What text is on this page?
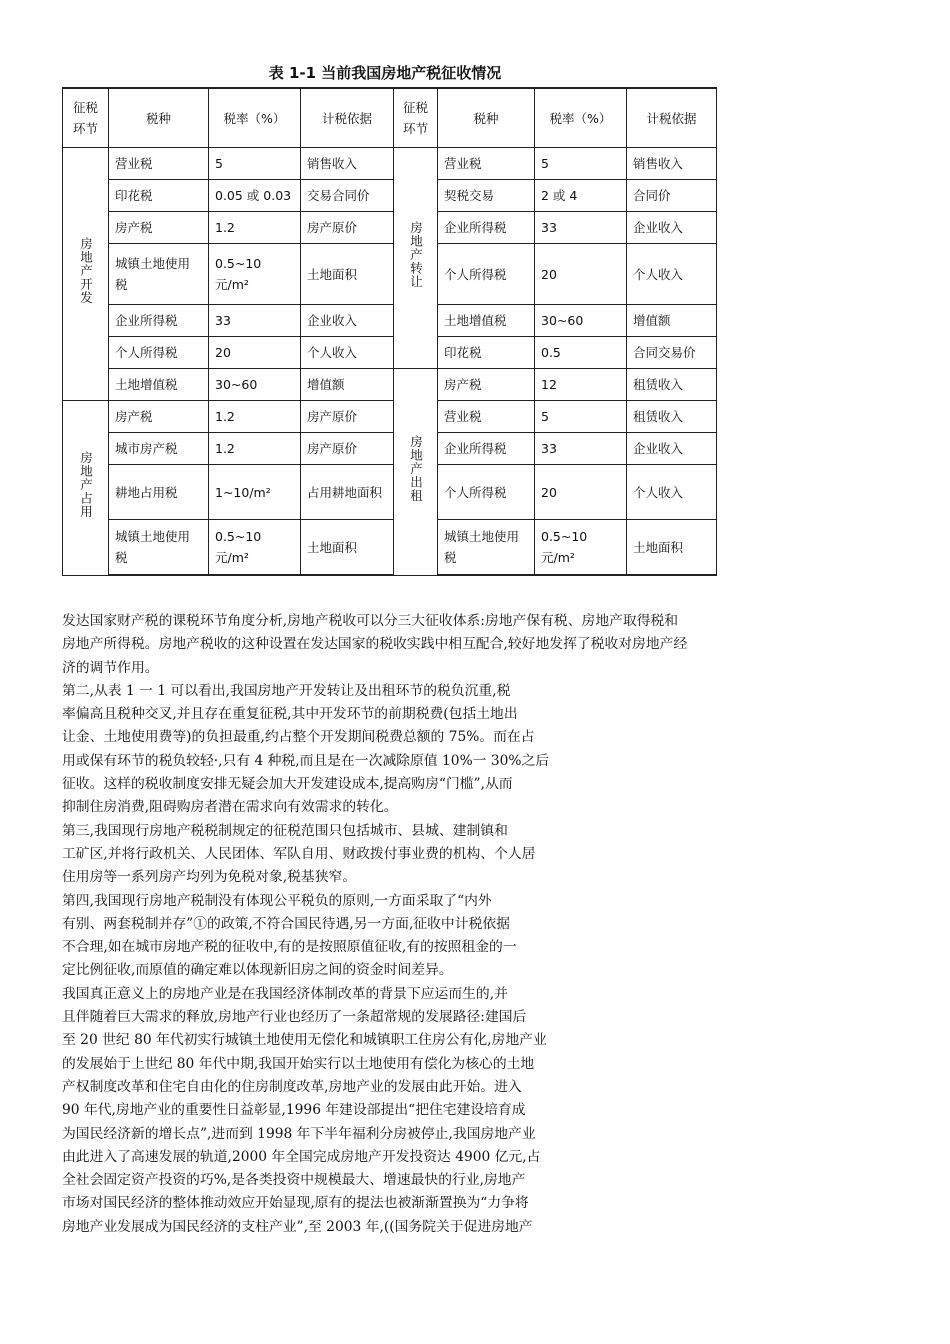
表 1-1 当前我国房地产税征收情况
征税环节	税种	税率（%）	计税依据	征税环节	税种	税率（%）	计税依据
房地产开发	营业税	5	销售收入	房地产转让	营业税	5	销售收入
	印花税	0.05 或 0.03	交易合同价		契税交易	2 或 4	合同价
	房产税	1.2	房产原价		企业所得税	33	企业收入
	城镇土地使用税	0.5~10 元/m²	土地面积		个人所得税	20	个人收入
	企业所得税	33	企业收入		土地增值税	30~60	增值额
	个人所得税	20	个人收入		印花税	0.5	合同交易价
	土地增值税	30~60	增值额	房地产出租	房产税	12	租赁收入
房地产占用	房产税	1.2	房产原价		营业税	5	租赁收入
	城市房产税	1.2	房产原价		企业所得税	33	企业收入
	耕地占用税	1~10/m²	占用耕地面积		个人所得税	20	个人收入
	城镇土地使用税	0.5~10 元/m²	土地面积		城镇土地使用税	0.5~10 元/m²	土地面积

发达国家财产税的课税环节角度分析,房地产税收可以分三大征收体系:房地产保有税、房地产取得税和

房地产所得税。房地产税收的这种设置在发达国家的税收实践中相互配合,较好地发挥了税收对房地产经

济的调节作用。

第二,从表 1 一 1 可以看出,我国房地产开发转让及出租环节的税负沉重,税

率偏高且税种交叉,并且存在重复征税,其中开发环节的前期税费(包括土地出

让金、土地使用费等)的负担最重,约占整个开发期间税费总额的 75%。而在占

用或保有环节的税负较轻·,只有 4 种税,而且是在一次减除原值 10%一 30%之后

征收。这样的税收制度安排无疑会加大开发建设成本,提高购房“门槛”,从而

抑制住房消费,阻碍购房者潜在需求向有效需求的转化。

第三,我国现行房地产税税制规定的征税范围只包括城市、县城、建制镇和

工矿区,并将行政机关、人民团体、军队自用、财政拨付事业费的机构、个人居

住用房等一系列房产均列为免税对象,税基狭窄。

第四,我国现行房地产税制没有体现公平税负的原则,一方面采取了“内外

有别、两套税制并存”①的政策,不符合国民待遇,另一方面,征收中计税依据

不合理,如在城市房地产税的征收中,有的是按照原值征收,有的按照租金的一

定比例征收,而原值的确定难以体现新旧房之间的资金时间差异。

我国真正意义上的房地产业是在我国经济体制改革的背景下应运而生的,并

且伴随着巨大需求的释放,房地产行业也经历了一条超常规的发展路径:建国后

至 20 世纪 80 年代初实行城镇土地使用无偿化和城镇职工住房公有化,房地产业

的发展始于上世纪 80 年代中期,我国开始实行以土地使用有偿化为核心的土地

产权制度改革和住宅自由化的住房制度改革,房地产业的发展由此开始。进入

90 年代,房地产业的重要性日益彰显,1996 年建设部提出“把住宅建设培育成

为国民经济新的增长点”,进而到 1998 年下半年福利分房被停止,我国房地产业

由此进入了高速发展的轨道,2000 年全国完成房地产开发投资达 4900 亿元,占

全社会固定资产投资的巧%,是各类投资中规模最大、增速最快的行业,房地产

市场对国民经济的整体推动效应开始显现,原有的提法也被渐渐置换为“力争将

房地产业发展成为国民经济的支柱产业”,至 2003 年,((国务院关于促进房地产
